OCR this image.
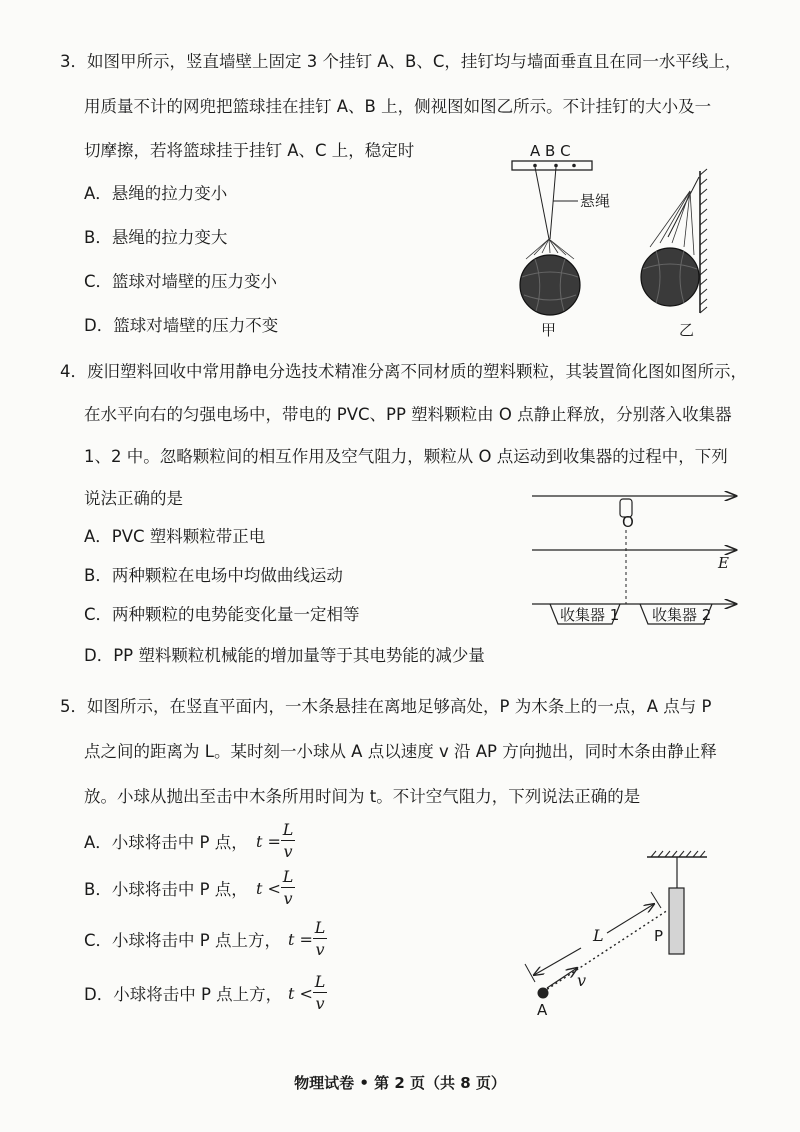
3．如图甲所示，竖直墙壁上固定 3 个挂钉 A、B、C，挂钉均与墙面垂直且在同一水平线上，
用质量不计的网兜把篮球挂在挂钉 A、B 上，侧视图如图乙所示。不计挂钉的大小及一
切摩擦，若将篮球挂于挂钉 A、C 上，稳定时
A．悬绳的拉力变小
B．悬绳的拉力变大
C．篮球对墙壁的压力变小
D．篮球对墙壁的压力不变
A B C
悬绳
甲	乙
4．废旧塑料回收中常用静电分选技术精准分离不同材质的塑料颗粒，其装置简化图如图所示，
在水平向右的匀强电场中，带电的 PVC、PP 塑料颗粒由 O 点静止释放，分别落入收集器
1、2 中。忽略颗粒间的相互作用及空气阻力，颗粒从 O 点运动到收集器的过程中，下列
说法正确的是
A．PVC 塑料颗粒带正电
B．两种颗粒在电场中均做曲线运动
C．两种颗粒的电势能变化量一定相等
D．PP 塑料颗粒机械能的增加量等于其电势能的减少量
O
E
收集器 1 收集器 2
5．如图所示，在竖直平面内，一木条悬挂在离地足够高处，P 为木条上的一点，A 点与 P
点之间的距离为 L。某时刻一小球从 A 点以速度 v 沿 AP 方向抛出，同时木条由静止释
放。小球从抛出至击中木条所用时间为 t。不计空气阻力，下列说法正确的是
A．小球将击中 P 点， t =
L
v
B．小球将击中 P 点， t <
L
v
C．小球将击中 P 点上方， t =
L
v
D．小球将击中 P 点上方， t <
L
v
L
v
P
A
物理试卷 • 第 2 页（共 8 页）
